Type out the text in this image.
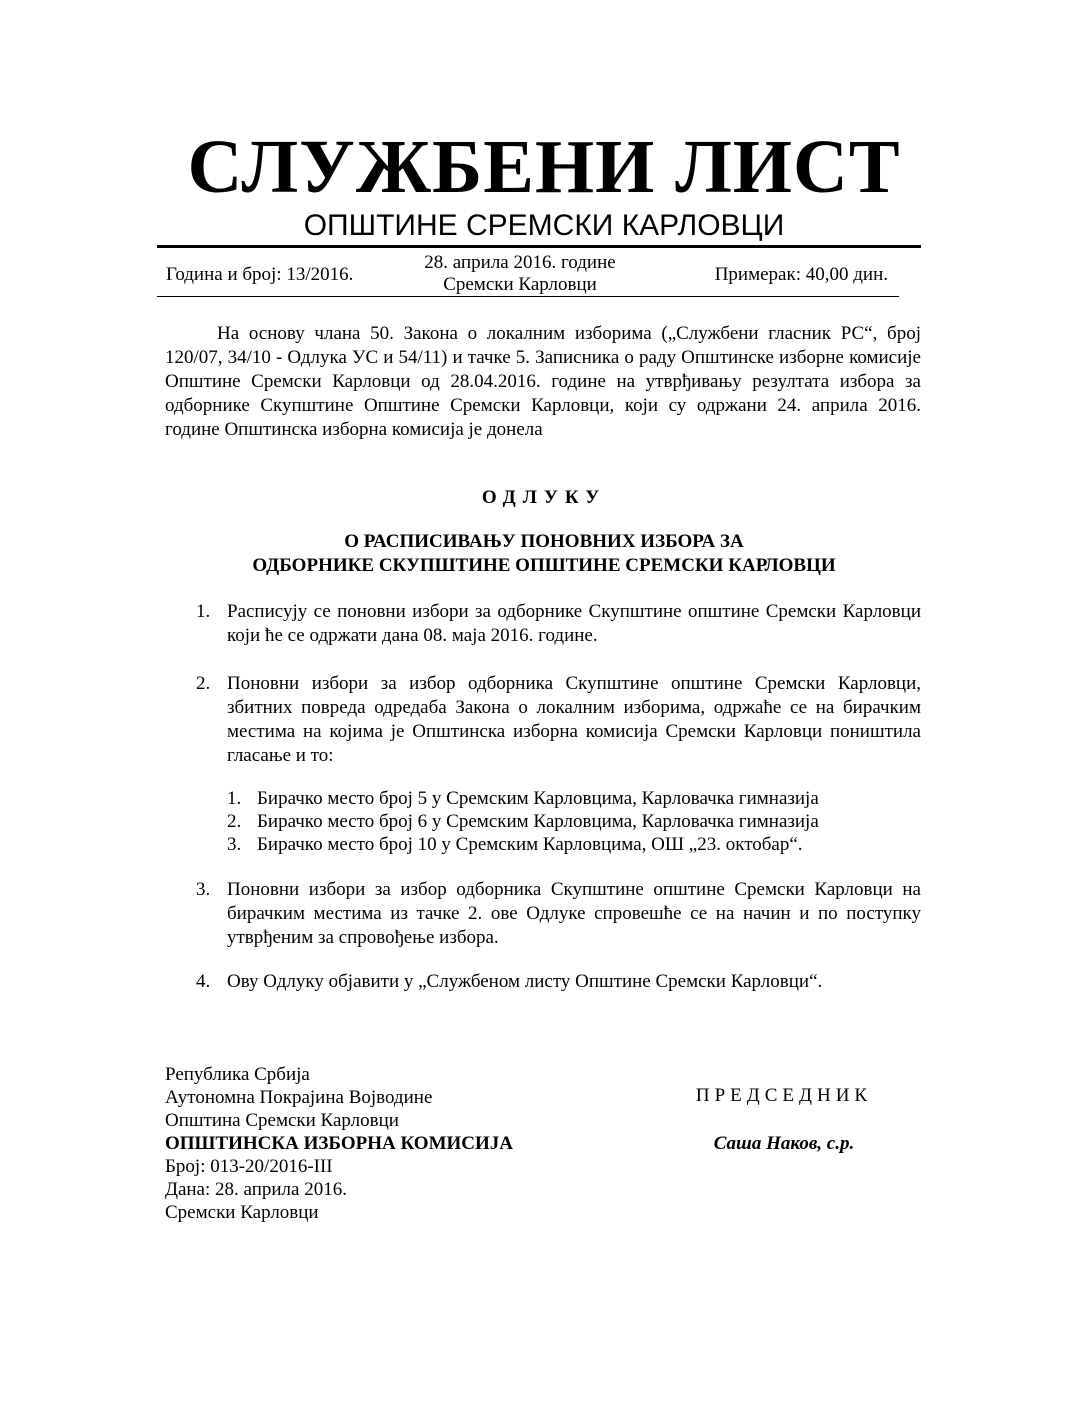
СЛУЖБЕНИ ЛИСТ
ОПШТИНЕ СРЕМСКИ КАРЛОВЦИ
Година и број: 13/2016.
28. априла 2016. године
Сремски Карловци	Примерак: 40,00 дин.
На основу члана 50. Закона о локалним изборима („Службени гласник РС“, број 120/07, 34/10 - Одлука УС и 54/11) и тачке 5. Записника о раду Општинске изборне комисије Општине Сремски Карловци од 28.04.2016. године на утврђивању резултата избора за одборнике Скупштине Општине Сремски Карловци, који су одржани 24. априла 2016. године Општинска изборна комисија је донела
ОДЛУКУ
О РАСПИСИВАЊУ ПОНОВНИХ ИЗБОРА ЗА
ОДБОРНИКЕ СКУПШТИНЕ ОПШТИНЕ СРЕМСКИ КАРЛОВЦИ
1. Расписују се поновни избори за одборнике Скупштине општине Сремски Карловци који ће се одржати дана 08. маја 2016. године.
2. Поновни избори за избор одборника Скупштине општине Сремски Карловци, збитних повреда одредаба Закона о локалним изборима, одржаће се на бирачким местима на којима је Општинска изборна комисија Сремски Карловци поништила гласање и то:
1. Бирачко место број 5 у Сремским Карловцима, Карловачка гимназија
2. Бирачко место број 6 у Сремским Карловцима, Карловачка гимназија
3. Бирачко место број 10 у Сремским Карловцима, ОШ „23. октобар“.
3. Поновни избори за избор одборника Скупштине општине Сремски Карловци на бирачким местима из тачке 2. ове Одлуке спровешће се на начин и по поступку утврђеним за спровођење избора.
4. Ову Одлуку објавити у „Службеном листу Општине Сремски Карловци“.
Република Србија
Аутономна Покрајина Војводине
Општина Сремски Карловци
ОПШТИНСКА ИЗБОРНА КОМИСИЈА
Број: 013-20/2016-III
Дана: 28. априла 2016.
Сремски Карловци
ПРЕДСЕДНИК
Саша Наков, с.р.
